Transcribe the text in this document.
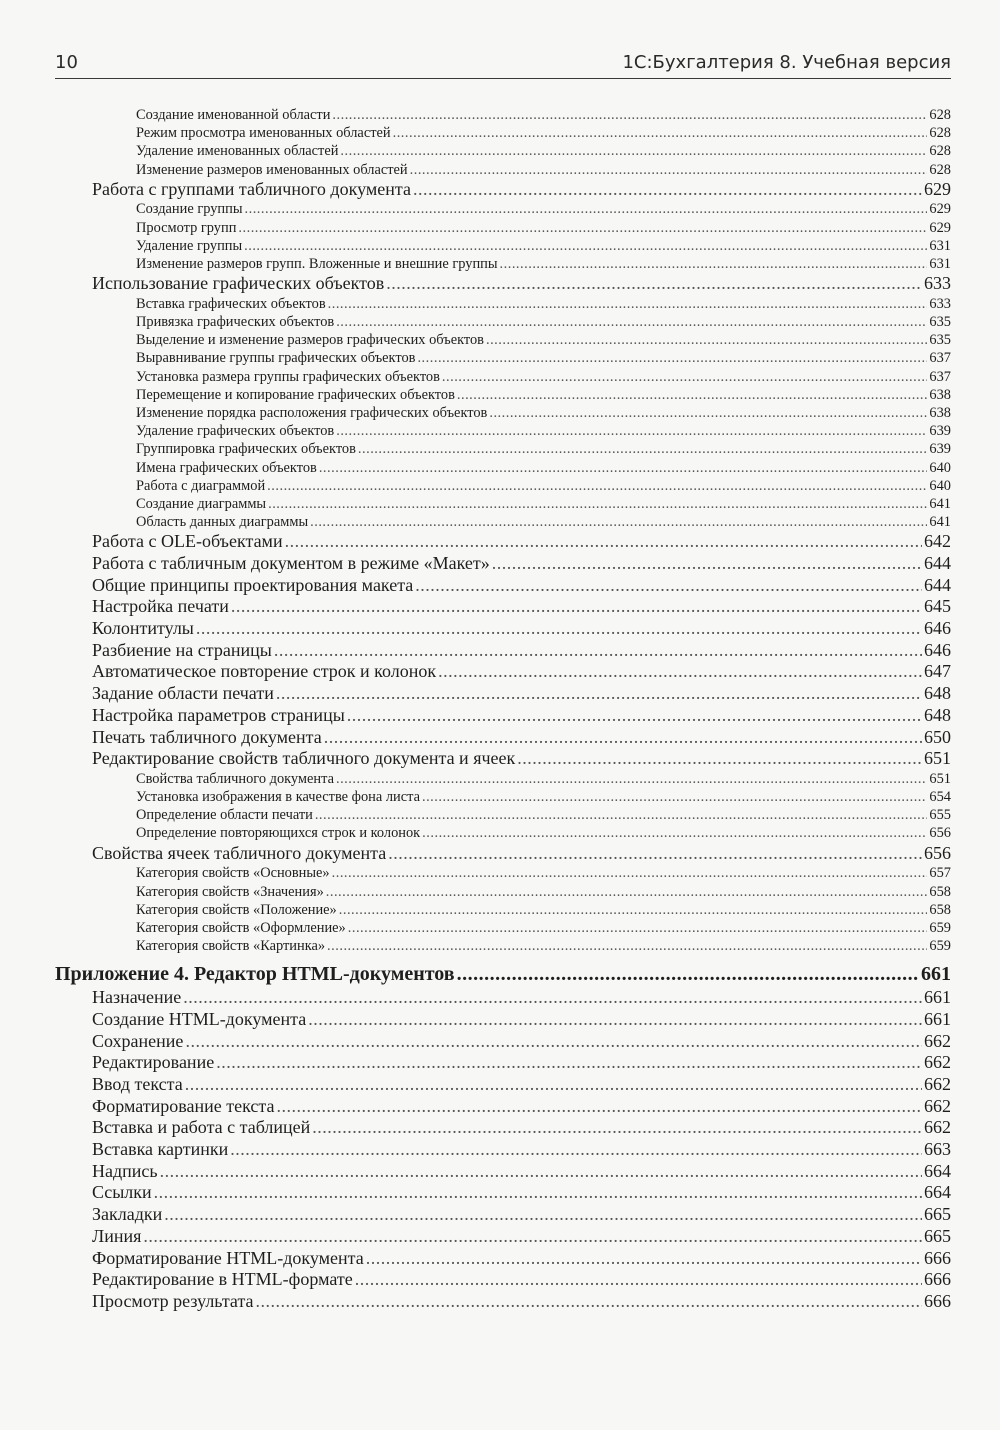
10	1С:Бухгалтерия 8. Учебная версия
Создание именованной области .....	628
Режим просмотра именованных областей .....	628
Удаление именованных областей .....	628
Изменение размеров именованных областей .....	628
Работа с группами табличного документа .....	629
Создание группы .....	629
Просмотр групп .....	629
Удаление группы .....	631
Изменение размеров групп. Вложенные и внешние группы .....	631
Использование графических объектов .....	633
Вставка графических объектов .....	633
Привязка графических объектов .....	635
Выделение и изменение размеров графических объектов .....	635
Выравнивание группы графических объектов .....	637
Установка размера группы графических объектов .....	637
Перемещение и копирование графических объектов .....	638
Изменение порядка расположения графических объектов .....	638
Удаление графических объектов .....	639
Группировка графических объектов .....	639
Имена графических объектов .....	640
Работа с диаграммой .....	640
Создание диаграммы .....	641
Область данных диаграммы .....	641
Работа с OLE-объектами .....	642
Работа с табличным документом в режиме «Макет» .....	644
Общие принципы проектирования макета .....	644
Настройка печати .....	645
Колонтитулы .....	646
Разбиение на страницы .....	646
Автоматическое повторение строк и колонок .....	647
Задание области печати .....	648
Настройка параметров страницы .....	648
Печать табличного документа .....	650
Редактирование свойств табличного документа и ячеек .....	651
Свойства табличного документа .....	651
Установка изображения в качестве фона листа .....	654
Определение области печати .....	655
Определение повторяющихся строк и колонок .....	656
Свойства ячеек табличного документа .....	656
Категория свойств «Основные» .....	657
Категория свойств «Значения» .....	658
Категория свойств «Положение» .....	658
Категория свойств «Оформление» .....	659
Категория свойств «Картинка» .....	659
Приложение 4. Редактор HTML-документов .....	661
Назначение .....	661
Создание HTML-документа .....	661
Сохранение .....	662
Редактирование .....	662
Ввод текста .....	662
Форматирование текста .....	662
Вставка и работа с таблицей .....	662
Вставка картинки .....	663
Надпись .....	664
Ссылки .....	664
Закладки .....	665
Линия .....	665
Форматирование HTML-документа .....	666
Редактирование в HTML-формате .....	666
Просмотр результата .....	666
